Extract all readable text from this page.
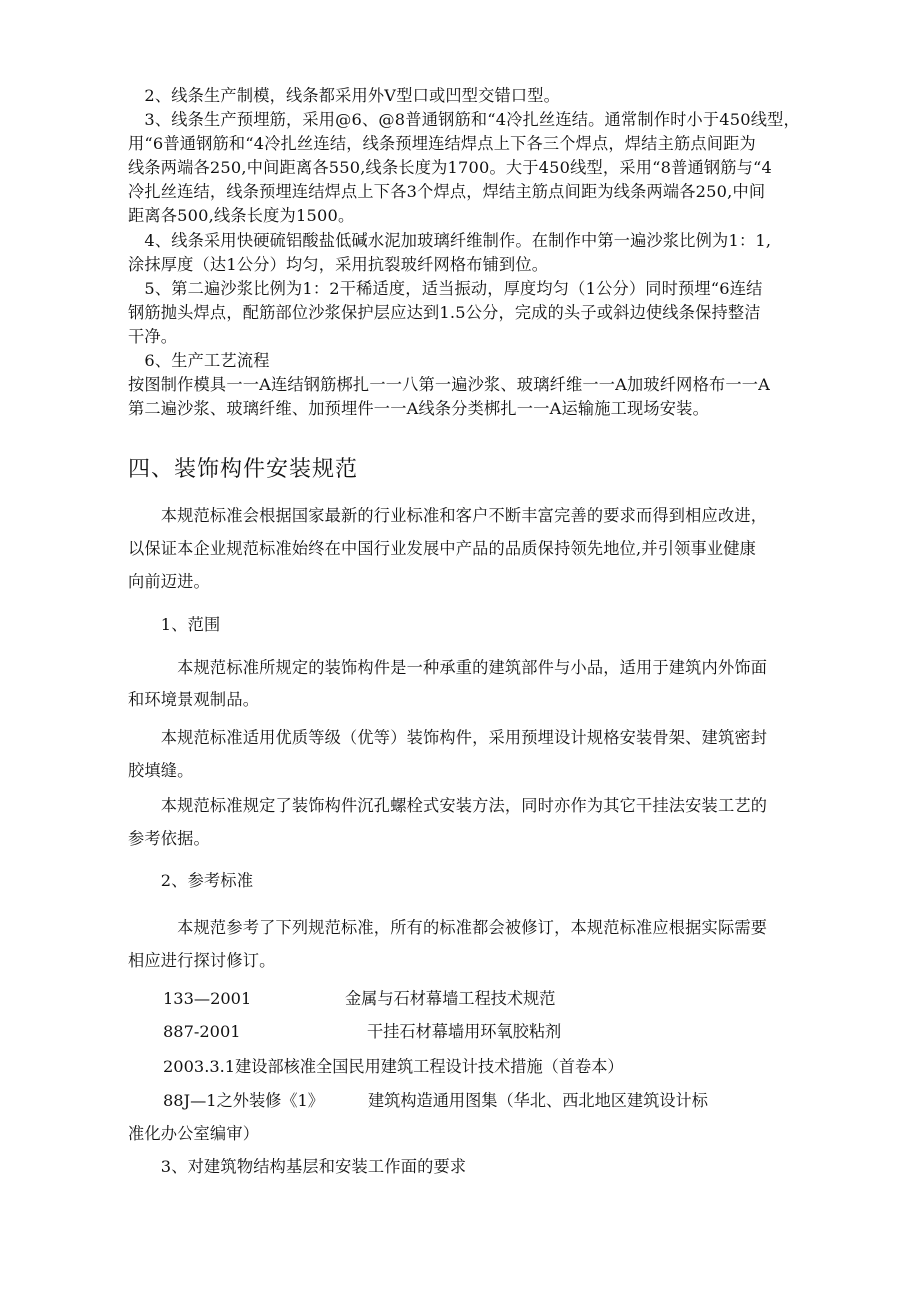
　2、线条生产制模，线条都采用外V型口或凹型交错口型。
　3、线条生产预埋筋，采用@6、@8普通钢筋和“4冷扎丝连结。通常制作时小于450线型，
用“6普通钢筋和“4冷扎丝连结，线条预埋连结焊点上下各三个焊点，焊结主筋点间距为
线条两端各250,中间距离各550,线条长度为1700。大于450线型，采用“8普通钢筋与“4
冷扎丝连结，线条预埋连结焊点上下各3个焊点，焊结主筋点间距为线条两端各250,中间
距离各500,线条长度为1500。
　4、线条采用快硬硫铝酸盐低碱水泥加玻璃纤维制作。在制作中第一遍沙浆比例为1：1,
涂抹厚度（达1公分）均匀，采用抗裂玻纤网格布铺到位。
　5、第二遍沙浆比例为1：2干稀适度，适当振动，厚度均匀（1公分）同时预埋“6连结
钢筋抛头焊点，配筋部位沙浆保护层应达到1.5公分，完成的头子或斜边使线条保持整洁
干净。
　6、生产工艺流程
按图制作模具一一A连结钢筋梆扎一一八第一遍沙浆、玻璃纤维一一A加玻纤网格布一一A
第二遍沙浆、玻璃纤维、加预埋件一一A线条分类梆扎一一A运输施工现场安装。
四、装饰构件安装规范
　　本规范标准会根据国家最新的行业标准和客户不断丰富完善的要求而得到相应改进，
以保证本企业规范标准始终在中国行业发展中产品的品质保持领先地位,并引领事业健康
向前迈进。
　　1、范围
　　　本规范标准所规定的装饰构件是一种承重的建筑部件与小品，适用于建筑内外饰面
和环境景观制品。
　　本规范标准适用优质等级（优等）装饰构件，采用预埋设计规格安装骨架、建筑密封
胶填缝。
　　本规范标准规定了装饰构件沉孔螺栓式安装方法，同时亦作为其它干挂法安装工艺的
参考依据。
　　2、参考标准
　　　本规范参考了下列规范标准，所有的标准都会被修订，本规范标准应根据实际需要
相应进行探讨修订。
133—2001	金属与石材幕墙工程技术规范
887-2001	干挂石材幕墙用环氧胶粘剂
2003.3.1建设部核准全国民用建筑工程设计技术措施（首卷本）
88J—1之外装修《1》	建筑构造通用图集（华北、西北地区建筑设计标
准化办公室编审）
　　3、对建筑物结构基层和安装工作面的要求
